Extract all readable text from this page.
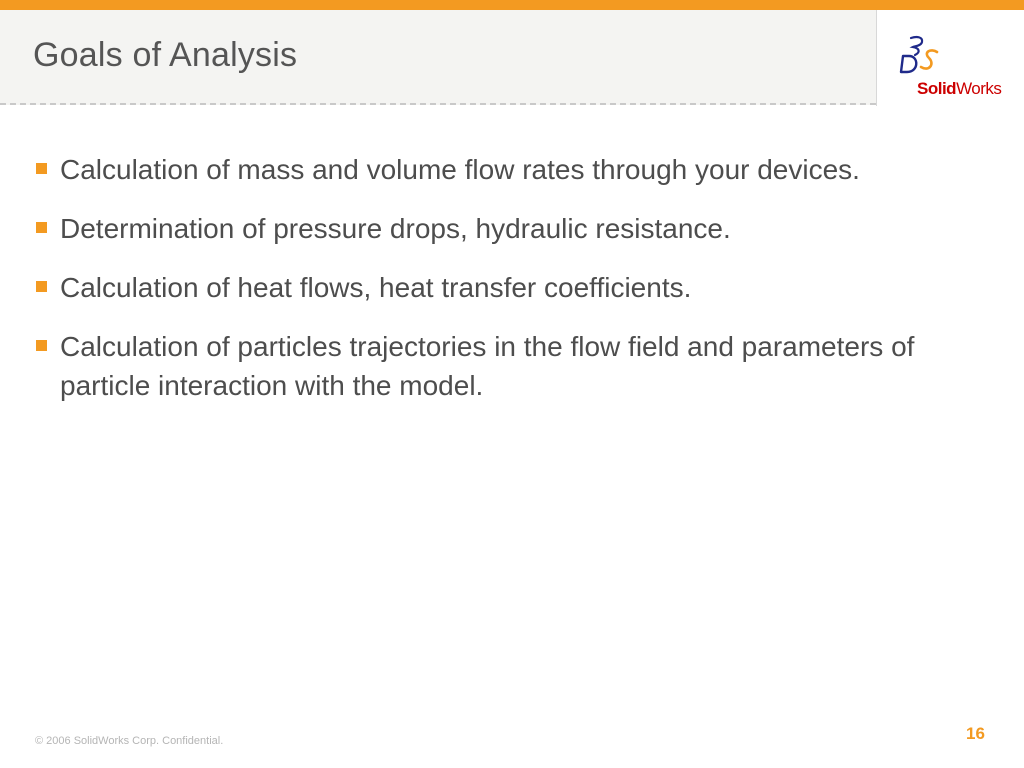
Goals of Analysis
SolidWorks
Calculation of mass and volume flow rates through your devices.
Determination of pressure drops, hydraulic resistance.
Calculation of heat flows, heat transfer coefficients.
Calculation of particles trajectories in the flow field and parameters of particle interaction with the model.
© 2006 SolidWorks Corp. Confidential.	16
